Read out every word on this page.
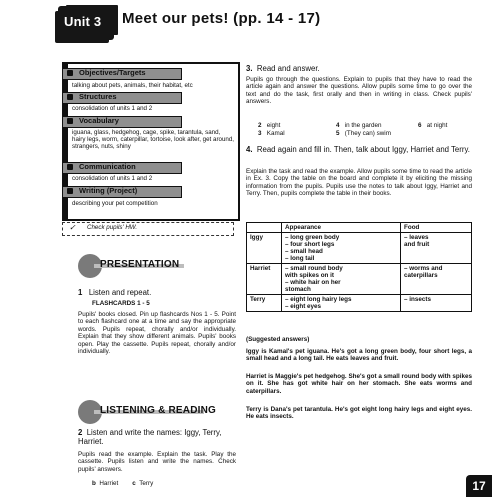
Unit 3 Meet our pets! (pp. 14 - 17)
Objectives/Targets
talking about pets, animals, their habitat, etc
Structures
consolidation of units 1 and 2
Vocabulary
iguana, glass, hedgehog, cage, spike, tarantula, sand, hairy legs, worm, caterpillar, tortoise, look after, get around, strangers, nuts, shiny
Communication
consolidation of units 1 and 2
Writing (Project)
describing your pet competition
✓ Check pupils' HW.
PRESENTATION
1 Listen and repeat.
FLASHCARDS 1 - 5
Pupils' books closed. Pin up flashcards Nos 1 - 5. Point to each flashcard one at a time and say the appropriate words. Pupils repeat, chorally and/or individually. Explain that they show different animals. Pupils' books open. Play the cassette. Pupils repeat, chorally and/or individually.
LISTENING & READING
2 Listen and write the names: Iggy, Terry, Harriet.
Pupils read the example. Explain the task. Play the cassette. Pupils listen and write the names. Check pupils' answers.
b Harriet c Terry
3. Read and answer.
Pupils go through the questions. Explain to pupils that they have to read the article again and answer the questions. Allow pupils some time to go over the text and do the task, first orally and then in writing in class. Check pupils' answers.
2 eight	4 in the garden	6 at night
3 Kamal	5 (They can) swim
4. Read again and fill in. Then, talk about Iggy, Harriet and Terry.
Explain the task and read the example. Allow pupils some time to read the article in Ex. 3. Copy the table on the board and complete it by eliciting the missing information from the pupils. Pupils use the notes to talk about Iggy, Harriet and Terry. Then, pupils complete the table in their books.
	Appearance	Food
Iggy	– long green body
– four short legs
– small head
– long tail	– leaves
and fruit

Harriet	– small round body
with spikes on it
– white hair on her
stomach	– worms and
caterpillars

Terry	– eight long hairy legs
– eight eyes	– insects
(Suggested answers)
Iggy is Kamal's pet iguana. He's got a long green body, four short legs, a small head and a long tail. He eats leaves and fruit.
Harriet is Maggie's pet hedgehog. She's got a small round body with spikes on it. She has got white hair on her stomach. She eats worms and caterpillars.
Terry is Dana's pet tarantula. He's got eight long hairy legs and eight eyes. He eats insects.
17
